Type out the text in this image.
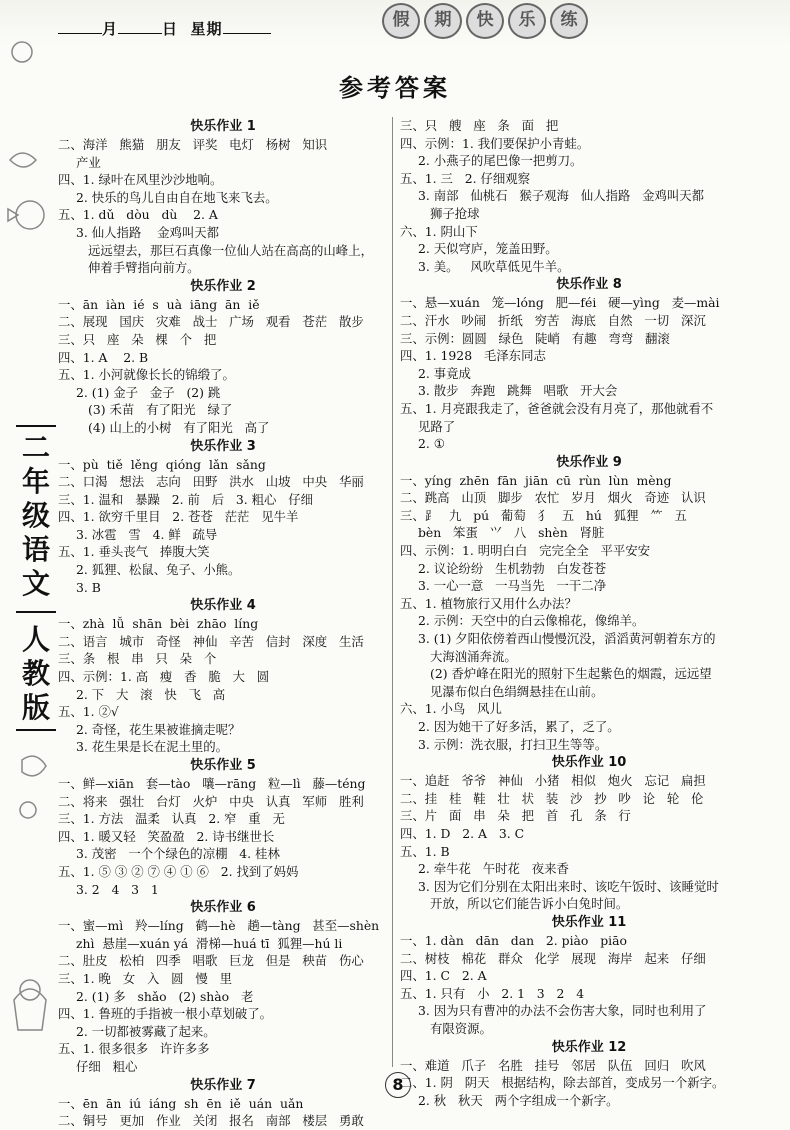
月	日 星期	假	期	快	乐	练
参考答案
二
年
级
语
文
人
教
版
快乐作业 1
二、海洋   熊猫   朋友   评奖   电灯   杨树   知识
产业
四、1. 绿叶在风里沙沙地响。
2. 快乐的鸟儿自由自在地飞来飞去。
五、1. dǔ   dòu   dù    2. A
3. 仙人指路    金鸡叫天都
远远望去，那巨石真像一位仙人站在高高的山峰上，
伸着手臂指向前方。
快乐作业 2
一、ān  iàn  ié  s  uà  iāng  ān  iě
二、展现   国庆   灾难   战士   广场   观看   苍茫   散步
三、只   座   朵   棵   个   把
四、1. A    2. B
五、1. 小河就像长长的锦缎了。
2. (1) 金子   金子   (2) 跳
(3) 禾苗   有了阳光   绿了
(4) 山上的小树   有了阳光   高了
快乐作业 3
一、pù  tiě  lěng  qióng  lǎn  sǎng
二、口渴   想法   志向   田野   洪水   山坡   中央   华丽
三、1. 温和   暴躁   2. 前   后   3. 粗心   仔细
四、1. 欲穷千里目   2. 苍苍   茫茫   见牛羊
3. 冰雹   雪   4. 鲜   疏导
五、1. 垂头丧气   捧腹大笑
2. 狐狸、松鼠、兔子、小熊。
3. B
快乐作业 4
一、zhà  lǚ  shān  bèi  zhāo  líng
二、语言   城市   奇怪   神仙   辛苦   信封   深度   生活
三、条   根   串   只   朵   个
四、示例：1. 高   瘦   香   脆   大   圆
2. 下   大   滚   快   飞   高
五、1. ②√
2. 奇怪，花生果被谁摘走呢？
3. 花生果是长在泥土里的。
快乐作业 5
一、鲜—xiān   套—tào   嚷—rāng   粒—lì   藤—téng
二、将来   强壮   台灯   火炉   中央   认真   军师   胜利
三、1. 方法   温柔   认真   2. 窄   重   无
四、1. 暖又轻   笑盈盈   2. 诗书继世长
3. 茂密   一个个绿色的凉棚   4. 桂林
五、1. ⑤ ③ ② ⑦ ④ ① ⑥   2. 找到了妈妈
3. 2   4   3   1
快乐作业 6
一、蜜—mì   羚—líng   鹤—hè   趟—tàng   甚至—shèn
zhì  悬崖—xuán yá  滑梯—huá tī  狐狸—hú li
二、肚皮   松柏   四季   唱歌   巨龙   但是   秧苗   伤心
三、1. 晚   女   入   圆   慢   里
2. (1) 多   shǎo   (2) shào   老
四、1. 鲁班的手指被一根小草划破了。
2. 一切都被雾藏了起来。
五、1. 很多很多   许许多多
仔细   粗心
快乐作业 7
一、ēn  ān  iú  iáng  sh  ēn  iě  uán  uǎn
二、铜号   更加   作业   关闭   报名   南部   楼层   勇敢
三、只   艘   座   条   面   把
四、示例：1. 我们要保护小青蛙。
2. 小燕子的尾巴像一把剪刀。
五、1. 三   2. 仔细观察
3. 南部   仙桃石   猴子观海   仙人指路   金鸡叫天都
狮子抢球
六、1. 阴山下
2. 天似穹庐，笼盖田野。
3. 美。   风吹草低见牛羊。
快乐作业 8
一、悬—xuán   笼—lóng   肥—féi   硬—yìng   麦—mài
二、汗水   吵闹   折纸   穷苦   海底   自然   一切   深沉
三、示例：圆圆   绿色   陡峭   有趣   弯弯   翻滚
四、1. 1928   毛泽东同志
2. 事竟成
3. 散步   奔跑   跳舞   唱歌   开大会
五、1. 月亮跟我走了，爸爸就会没有月亮了，那他就看不
见路了
2. ①
快乐作业 9
一、yíng  zhēn  fān  jiān  cū  rùn  lùn  mèng
二、跳高   山顶   脚步   农忙   岁月   烟火   奇迹   认识
三、⻊   九   pú   葡萄   犭   五   hú   狐狸   ⺮   五
bèn   笨蛋   ⺍   八   shèn   肾脏
四、示例：1. 明明白白   完完全全   平平安安
2. 议论纷纷   生机勃勃   白发苍苍
3. 一心一意   一马当先   一干二净
五、1. 植物旅行又用什么办法？
2. 示例：天空中的白云像棉花，像绵羊。
3. (1) 夕阳依傍着西山慢慢沉没，滔滔黄河朝着东方的
大海汹涌奔流。
(2) 香炉峰在阳光的照射下生起紫色的烟霞，远远望
见瀑布似白色绢绸悬挂在山前。
六、1. 小鸟   风儿
2. 因为她干了好多活，累了，乏了。
3. 示例：洗衣服，打扫卫生等等。
快乐作业 10
一、追赶   爷爷   神仙   小猪   相似   炮火   忘记   扁担
二、挂   桂   鞋   壮   状   装   沙   抄   吵   论   轮   伦
三、片   面   串   朵   把   首   孔   条   行
四、1. D   2. A   3. C
五、1. B
2. 牵牛花   午时花   夜来香
3. 因为它们分别在太阳出来时、该吃午饭时、该睡觉时
开放，所以它们能告诉小白兔时间。
快乐作业 11
一、1. dàn   dān   dan   2. piào   piāo
二、树枝   棉花   群众   化学   展现   海岸   起来   仔细
四、1. C   2. A
五、1. 只有   小   2. 1   3   2   4
3. 因为只有曹冲的办法不会伤害大象，同时也利用了
有限资源。
快乐作业 12
一、难道   爪子   名胜   挂号   邻居   队伍   回归   吹风
二、1. 阴   阴天   根据结构，除去部首，变成另一个新字。
2. 秋   秋天   两个字组成一个新字。
8
